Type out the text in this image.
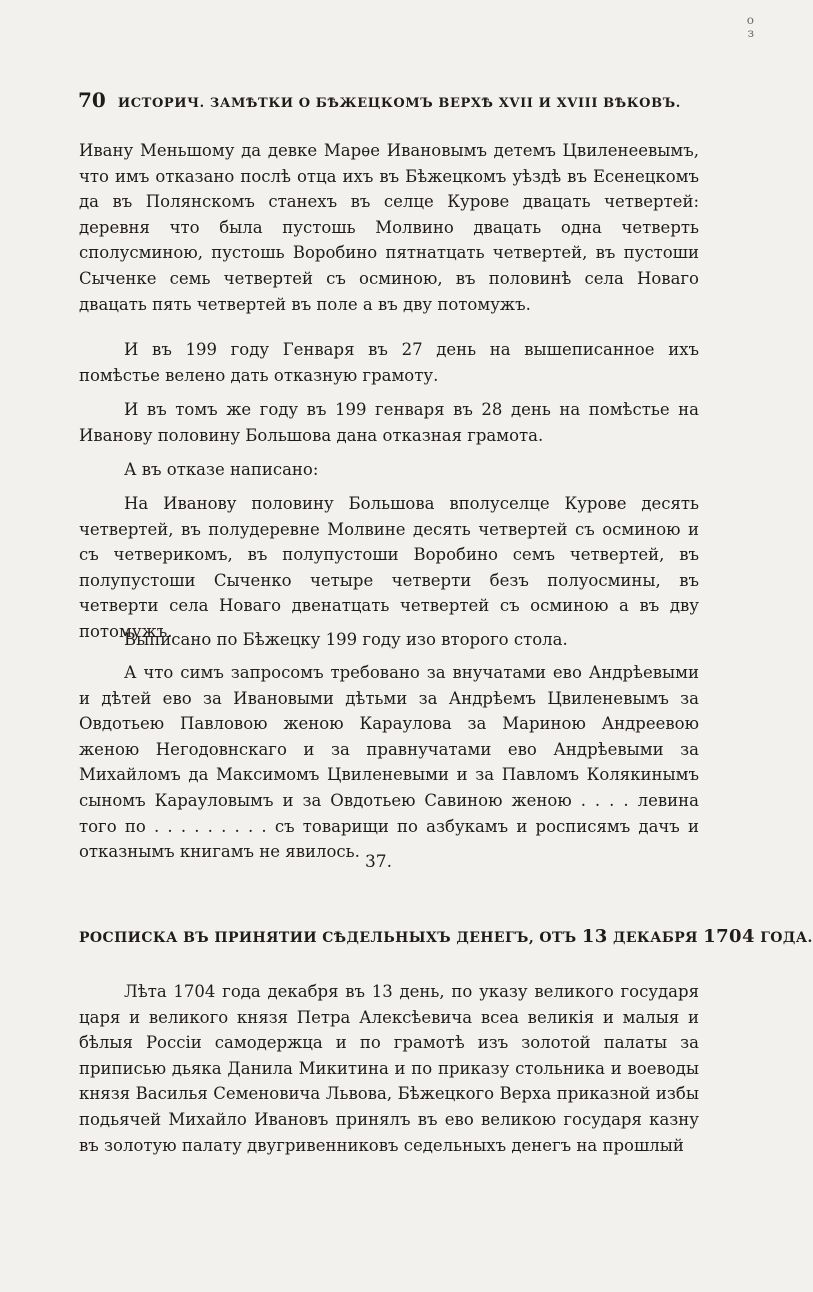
о
з
70 ИСТОРИЧ. ЗАМѢТКИ О БѢЖЕЦКОМЪ ВЕРХѢ XVII И XVIII ВѢКОВЪ.

Ивану Меньшому да девке Марѳе Ивановымъ детемъ Цвиленеевымъ, что имъ отказано послѣ отца ихъ въ Бѣжецкомъ уѣздѣ въ Есенецкомъ да въ Полянскомъ станехъ въ селце Курове двацать четвертей: деревня что была пустошь Молвино двацать одна четверть сполусминою, пустошь Воробино пятнатцать четвертей, въ пустоши Сыченке семь четвертей съ осминою, въ половинѣ села Новаго двацать пять четвертей въ поле а въ дву потомужъ.

И въ 199 году Генваря въ 27 день на вышеписанное ихъ помѣстье велено дать отказную грамоту.

И въ томъ же году въ 199 генваря въ 28 день на помѣстье на Иванову половину Большова дана отказная грамота.

А въ отказе написано:

На Иванову половину Большова вполуселце Курове десять четвертей, въ полудеревне Молвине десять четвертей съ осминою и съ четверикомъ, въ полупустоши Воробино семъ четвертей, въ полупустоши Сыченко четыре четверти безъ полуосмины, въ четверти села Новаго двенатцать четвертей съ осминою а въ дву потомужъ.

Выписано по Бѣжецку 199 году изо второго стола.

А что симъ запросомъ требовано за внучатами ево Андрѣевыми и дѣтей ево за Ивановыми дѣтьми за Андрѣемъ Цвиленевымъ за Овдотьею Павловою женою Караулова за Мариною Андреевою женою Негодовнскаго и за правнучатами ево Андрѣевыми за Михайломъ да Максимомъ Цвиленевыми и за Павломъ Колякинымъ сыномъ Карауловымъ и за Овдотьею Савиною женою . . . . левина того по . . . . . . . . . съ товарищи по азбукамъ и росписямъ дачъ и отказнымъ книгамъ не явилось.

37.
РОСПИСКА ВЪ ПРИНЯТИИ СѢДЕЛЬНЫХЪ ДЕНЕГЪ, ОТЪ 13 ДЕКАБРЯ 1704 ГОДА.

Лѣта 1704 года декабря въ 13 день, по указу великого государя царя и великого князя Петра Алексѣевича всеа великiя и малыя и бѣлыя Россiи самодержца и по грамотѣ изъ золотой палаты за приписью дьяка Данила Микитина и по приказу стольника и воеводы князя Василья Семеновича Львова, Бѣжецкого Верха приказной избы подьячей Михайло Ивановъ принялъ въ ево великою государя казну въ золотую палату двугривенниковъ седельныхъ денегъ на прошлый
